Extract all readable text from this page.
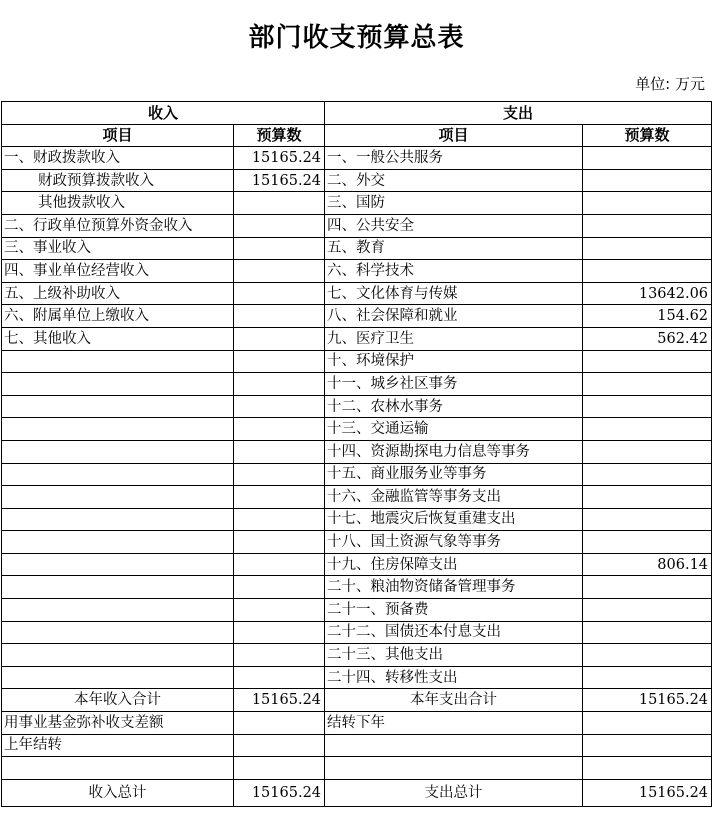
部门收支预算总表
单位: 万元
收入		支出	
项目	预算数	项目	预算数
一、财政拨款收入	15165.24	一、一般公共服务	
财政预算拨款收入	15165.24	二、外交	
其他拨款收入		三、国防	
二、行政单位预算外资金收入		四、公共安全	
三、事业收入		五、教育	
四、事业单位经营收入		六、科学技术	
五、上级补助收入		七、文化体育与传媒	13642.06
六、附属单位上缴收入		八、社会保障和就业	154.62
七、其他收入		九、医疗卫生	562.42
		十、环境保护	
		十一、城乡社区事务	
		十二、农林水事务	
		十三、交通运输	
		十四、资源勘探电力信息等事务	
		十五、商业服务业等事务	
		十六、金融监管等事务支出	
		十七、地震灾后恢复重建支出	
		十八、国土资源气象等事务	
		十九、住房保障支出	806.14
		二十、粮油物资储备管理事务	
		二十一、预备费	
		二十二、国债还本付息支出	
		二十三、其他支出	
		二十四、转移性支出	
本年收入合计	15165.24	本年支出合计	15165.24
用事业基金弥补收支差额		结转下年	
上年结转			

收入总计	15165.24	支出总计	15165.24
